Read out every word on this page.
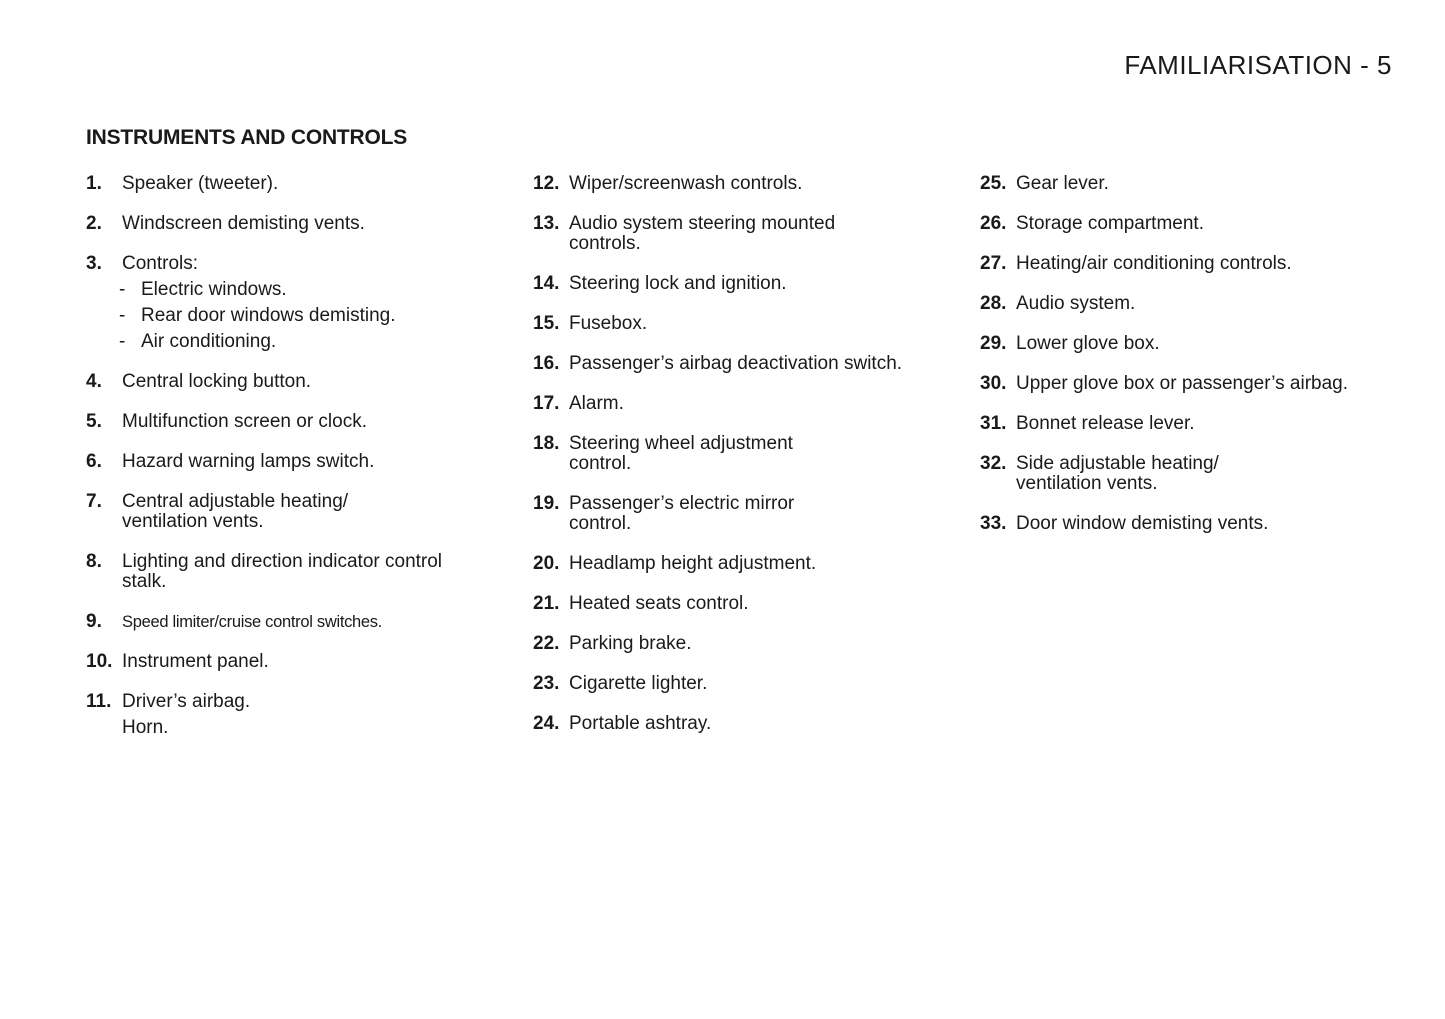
FAMILIARISATION - 5
INSTRUMENTS AND CONTROLS
1.	Speaker (tweeter).
2.	Windscreen demisting vents.
3.	Controls:
- Electric windows.
- Rear door windows demisting.
- Air conditioning.
4.	Central locking button.
5.	Multifunction screen or clock.
6.	Hazard warning lamps switch.
7.	Central adjustable heating/ ventilation vents.
8.	Lighting and direction indicator control stalk.
9.	Speed limiter/cruise control switches.
10. Instrument panel.
11. Driver’s airbag.
Horn.
12. Wiper/screenwash controls.
13. Audio system steering mounted controls.
14. Steering lock and ignition.
15. Fusebox.
16. Passenger’s airbag deactivation switch.
17. Alarm.
18. Steering wheel adjustment control.
19. Passenger’s electric mirror control.
20. Headlamp height adjustment.
21. Heated seats control.
22. Parking brake.
23. Cigarette lighter.
24. Portable ashtray.
25. Gear lever.
26. Storage compartment.
27. Heating/air conditioning controls.
28. Audio system.
29. Lower glove box.
30. Upper glove box or passenger’s airbag.
31. Bonnet release lever.
32. Side adjustable heating/ ventilation vents.
33. Door window demisting vents.
